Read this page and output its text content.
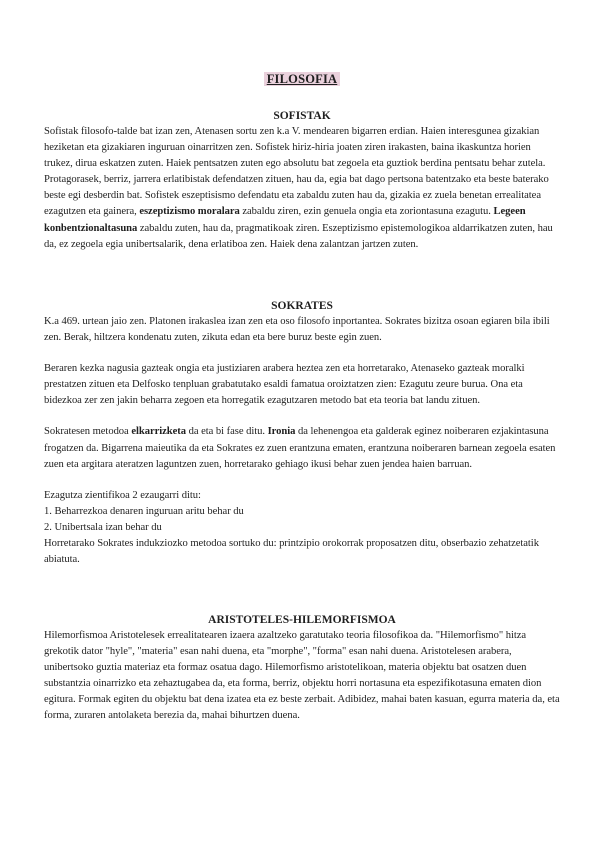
FILOSOFIA

SOFISTAK

Sofistak filosofo-talde bat izan zen, Atenasen sortu zen k.a V. mendearen bigarren erdian. Haien interesgunea gizakian heziketan eta gizakiaren inguruan oinarritzen zen. Sofistek hiriz-hiria joaten ziren irakasten, baina ikaskuntza horien trukez, dirua eskatzen zuten. Haiek pentsatzen zuten ego absolutu bat zegoela eta guztiok berdina pentsatu behar zutela. Protagorasek, berriz, jarrera erlatibistak defendatzen zituen, hau da, egia bat dago pertsona batentzako eta beste baterako beste egi desberdin bat. Sofistek eszeptisismo defendatu eta zabaldu zuten hau da, gizakia ez zuela benetan errealitatea ezagutzen eta gainera, eszeptizismo moralara zabaldu ziren, ezin genuela ongia eta zoriontasuna ezagutu. Legeen konbentzionaltasuna zabaldu zuten, hau da, pragmatikoak ziren. Eszeptizismo epistemologikoa aldarrikatzen zuten, hau da, ez zegoela egia unibertsalarik, dena erlatiboa zen. Haiek dena zalantzan jartzen zuten.

SOKRATES

K.a 469. urtean jaio zen. Platonen irakaslea izan zen eta oso filosofo inportantea. Sokrates bizitza osoan egiaren bila ibili zen. Berak, hiltzera kondenatu zuten, zikuta edan eta bere buruz beste egin zuen.

Beraren kezka nagusia gazteak ongia eta justiziaren arabera heztea zen eta horretarako, Atenaseko gazteak moralki prestatzen zituen eta Delfosko tenpluan grabatutako esaldi famatua oroiztatzen zien: Ezagutu zeure burua. Ona eta bidezkoa zer zen jakin beharra zegoen eta horregatik ezagutzaren metodo bat eta teoria bat landu zituen.

Sokratesen metodoa elkarrizketa da eta bi fase ditu. Ironia da lehenengoa eta galderak eginez noiberaren ezjakintasuna frogatzen da. Bigarrena maieutika da eta Sokrates ez zuen erantzuna ematen, erantzuna noiberaren barnean zegoela esaten zuen eta argitara ateratzen laguntzen zuen, horretarako gehiago ikusi behar zuen jendea haien barruan.

Ezagutza zientifikoa 2 ezaugarri ditu:

1. Beharrezkoa denaren inguruan aritu behar du

2. Unibertsala izan behar du

Horretarako Sokrates indukziozko metodoa sortuko du: printzipio orokorrak proposatzen ditu, obserbazio zehatzetatik abiatuta.

ARISTOTELES-HILEMORFISMOA

Hilemorfismoa Aristotelesek errealitatearen izaera azaltzeko garatutako teoria filosofikoa da. "Hilemorfismo" hitza grekotik dator "hyle", "materia" esan nahi duena, eta "morphe", "forma" esan nahi duena. Aristotelesen arabera, unibertsoko guztia materiaz eta formaz osatua dago. Hilemorfismo aristotelikoan, materia objektu bat osatzen duen substantzia oinarrizko eta zehaztugabea da, eta forma, berriz, objektu horri nortasuna eta espezifikotasuna ematen dion egitura. Formak egiten du objektu bat dena izatea eta ez beste zerbait. Adibidez, mahai baten kasuan, egurra materia da, eta forma, zuraren antolaketa berezia da, mahai bihurtzen duena.
